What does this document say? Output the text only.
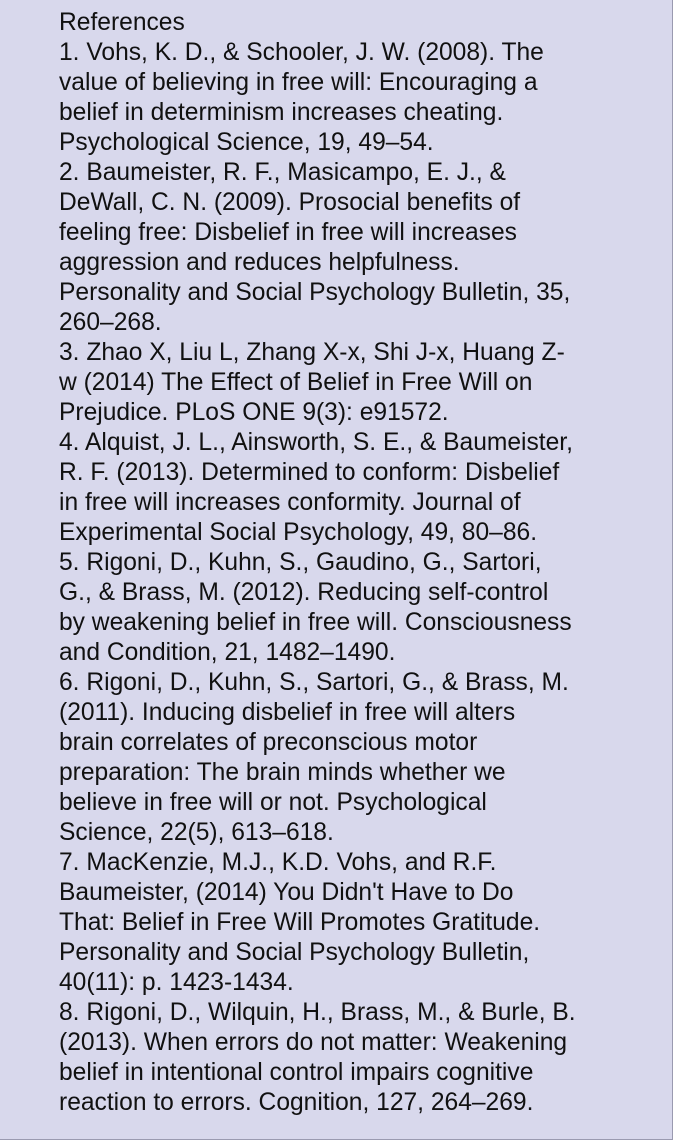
References
1. Vohs, K. D., & Schooler, J. W. (2008). The
value of believing in free will: Encouraging a
belief in determinism increases cheating.
Psychological Science, 19, 49–54.
2. Baumeister, R. F., Masicampo, E. J., &
DeWall, C. N. (2009). Prosocial benefits of
feeling free: Disbelief in free will increases
aggression and reduces helpfulness.
Personality and Social Psychology Bulletin, 35,
260–268.
3. Zhao X, Liu L, Zhang X-x, Shi J-x, Huang Z-
w (2014) The Effect of Belief in Free Will on
Prejudice. PLoS ONE 9(3): e91572.
4. Alquist, J. L., Ainsworth, S. E., & Baumeister,
R. F. (2013). Determined to conform: Disbelief
in free will increases conformity. Journal of
Experimental Social Psychology, 49, 80–86.
5. Rigoni, D., Kuhn, S., Gaudino, G., Sartori,
G., & Brass, M. (2012). Reducing self-control
by weakening belief in free will. Consciousness
and Condition, 21, 1482–1490.
6. Rigoni, D., Kuhn, S., Sartori, G., & Brass, M.
(2011). Inducing disbelief in free will alters
brain correlates of preconscious motor
preparation: The brain minds whether we
believe in free will or not. Psychological
Science, 22(5), 613–618.
7. MacKenzie, M.J., K.D. Vohs, and R.F.
Baumeister, (2014) You Didn't Have to Do
That: Belief in Free Will Promotes Gratitude.
Personality and Social Psychology Bulletin,
40(11): p. 1423-1434.
8. Rigoni, D., Wilquin, H., Brass, M., & Burle, B.
(2013). When errors do not matter: Weakening
belief in intentional control impairs cognitive
reaction to errors. Cognition, 127, 264–269.
